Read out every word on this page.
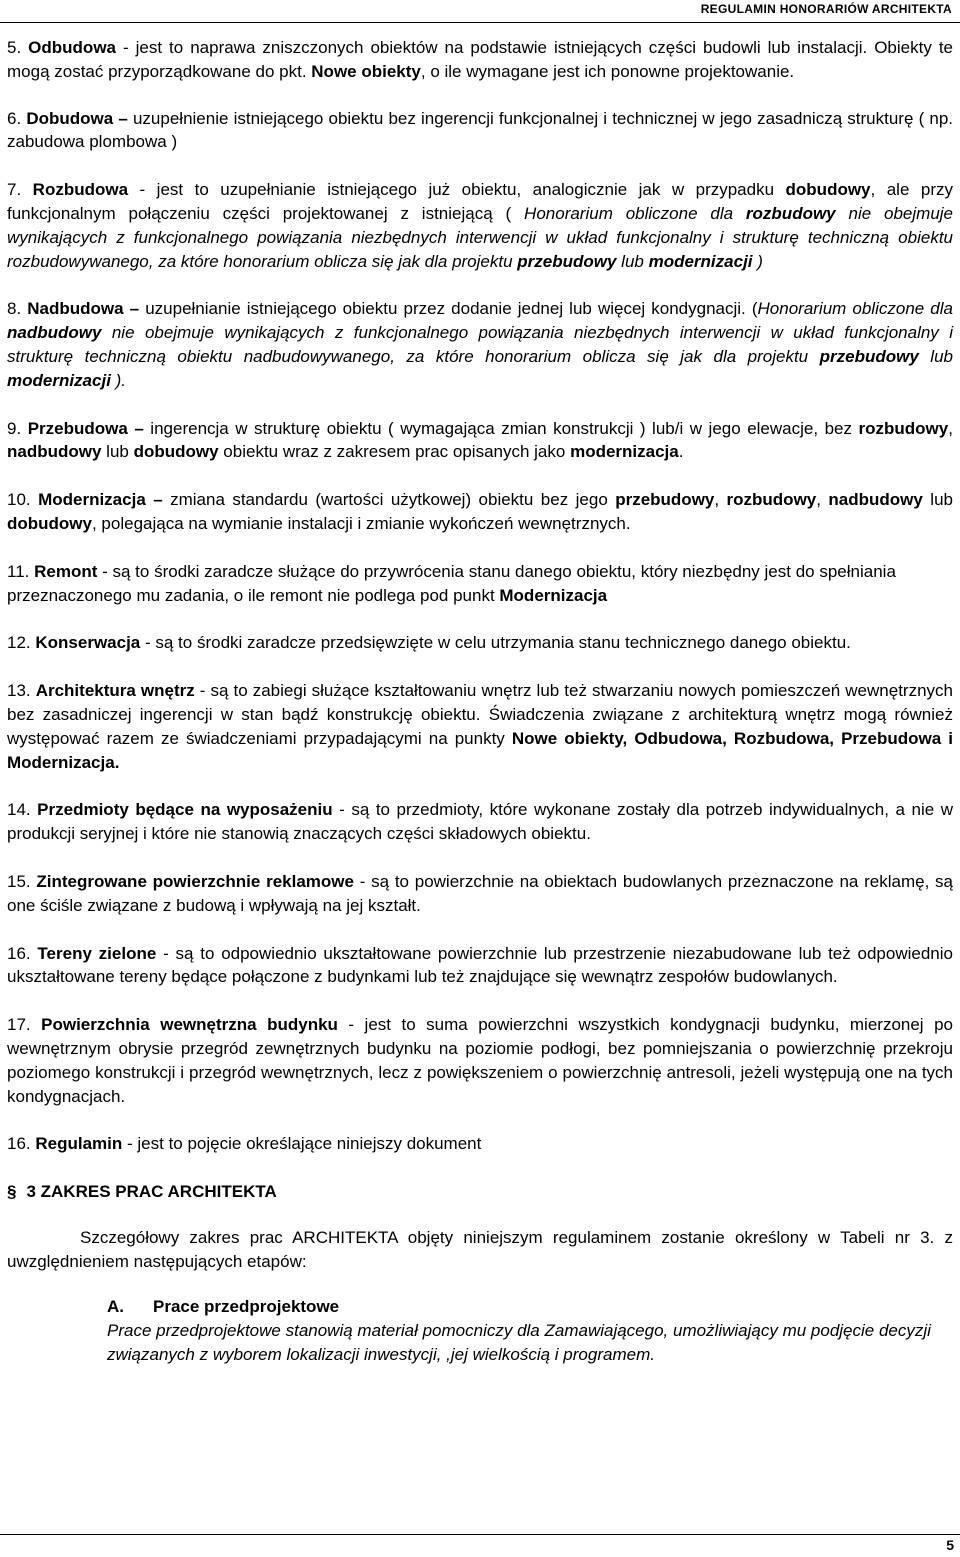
REGULAMIN HONORARIÓW ARCHITEKTA

5. Odbudowa - jest to naprawa zniszczonych obiektów na podstawie istniejących części budowli lub instalacji. Obiekty te mogą zostać przyporządkowane do pkt. Nowe obiekty, o ile wymagane jest ich ponowne projektowanie.

6. Dobudowa – uzupełnienie istniejącego obiektu bez ingerencji funkcjonalnej i technicznej w jego zasadniczą strukturę ( np. zabudowa plombowa )

7. Rozbudowa - jest to uzupełnianie istniejącego już obiektu, analogicznie jak w przypadku dobudowy, ale przy funkcjonalnym połączeniu części projektowanej z istniejącą ( Honorarium obliczone dla rozbudowy nie obejmuje wynikających z funkcjonalnego powiązania niezbędnych interwencji w układ funkcjonalny i strukturę techniczną obiektu rozbudowywanego, za które honorarium oblicza się jak dla projektu przebudowy lub modernizacji )

8. Nadbudowa – uzupełnianie istniejącego obiektu przez dodanie jednej lub więcej kondygnacji. (Honorarium obliczone dla nadbudowy nie obejmuje wynikających z funkcjonalnego powiązania niezbędnych interwencji w układ funkcjonalny i strukturę techniczną obiektu nadbudowywanego, za które honorarium oblicza się jak dla projektu przebudowy lub modernizacji ).

9. Przebudowa – ingerencja w strukturę obiektu ( wymagająca zmian konstrukcji ) lub/i w jego elewacje, bez rozbudowy, nadbudowy lub dobudowy obiektu wraz z zakresem prac opisanych jako modernizacja.

10. Modernizacja – zmiana standardu (wartości użytkowej) obiektu bez jego przebudowy, rozbudowy, nadbudowy lub dobudowy, polegająca na wymianie instalacji i zmianie wykończeń wewnętrznych.

11. Remont - są to środki zaradcze służące do przywrócenia stanu danego obiektu, który niezbędny jest do spełniania przeznaczonego mu zadania, o ile remont nie podlega pod punkt Modernizacja

12. Konserwacja - są to środki zaradcze przedsięwzięte w celu utrzymania stanu technicznego danego obiektu.

13. Architektura wnętrz - są to zabiegi służące kształtowaniu wnętrz lub też stwarzaniu nowych pomieszczeń wewnętrznych bez zasadniczej ingerencji w stan bądź konstrukcję obiektu. Świadczenia związane z architekturą wnętrz mogą również występować razem ze świadczeniami przypadającymi na punkty Nowe obiekty, Odbudowa, Rozbudowa, Przebudowa i Modernizacja.

14. Przedmioty będące na wyposażeniu - są to przedmioty, które wykonane zostały dla potrzeb indywidualnych, a nie w produkcji seryjnej i które nie stanowią znaczących części składowych obiektu.

15. Zintegrowane powierzchnie reklamowe - są to powierzchnie na obiektach budowlanych przeznaczone na reklamę, są one ściśle związane z budową i wpływają na jej kształt.

16. Tereny zielone - są to odpowiednio ukształtowane powierzchnie lub przestrzenie niezabudowane lub też odpowiednio ukształtowane tereny będące połączone z budynkami lub też znajdujące się wewnątrz zespołów budowlanych.

17. Powierzchnia wewnętrzna budynku - jest to suma powierzchni wszystkich kondygnacji budynku, mierzonej po wewnętrznym obrysie przegród zewnętrznych budynku na poziomie podłogi, bez pomniejszania o powierzchnię przekroju poziomego konstrukcji i przegród wewnętrznych, lecz z powiększeniem o powierzchnię antresoli, jeżeli występują one na tych kondygnacjach.

16. Regulamin - jest to pojęcie określające niniejszy dokument

§ 3 ZAKRES PRAC ARCHITEKTA

Szczegółowy zakres prac ARCHITEKTA objęty niniejszym regulaminem zostanie określony w Tabeli nr 3. z uwzględnieniem następujących etapów:

A. Prace przedprojektowe

Prace przedprojektowe stanowią materiał pomocniczy dla Zamawiającego, umożliwiający mu podjęcie decyzji związanych z wyborem lokalizacji inwestycji, ,jej wielkością i programem.

5
